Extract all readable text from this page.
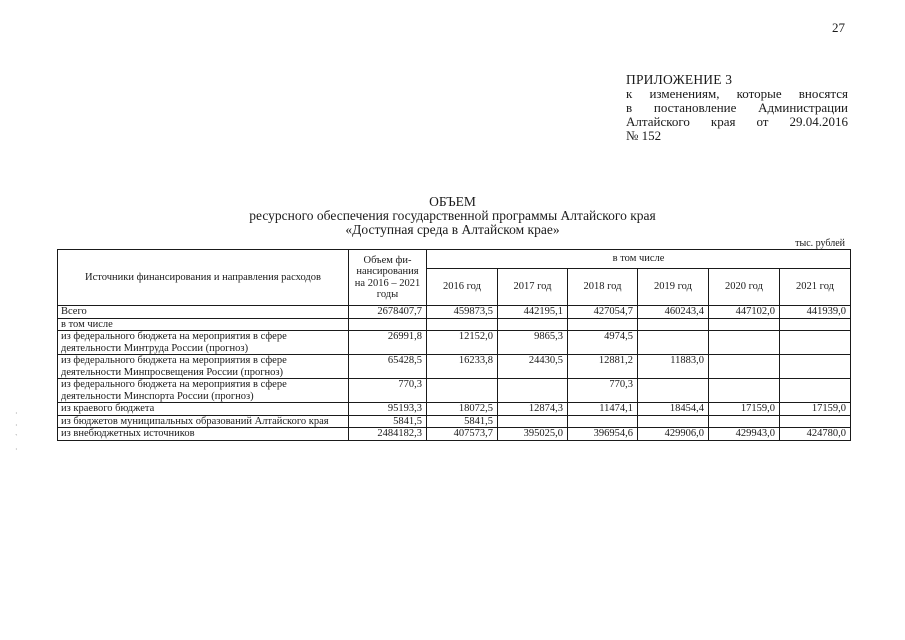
27
ПРИЛОЖЕНИЕ 3
к изменениям, которые вносятся
в постановление Администрации
Алтайского края от 29.04.2016
№ 152
ОБЪЕМ
ресурсного обеспечения государственной программы Алтайского края
«Доступная среда в Алтайском крае»
тыс. рублей
Источники финансирования и направления расходов	Объем фи-нансирования на 2016 – 2021 годы	в том числе					
		2016 год	2017 год	2018 год	2019 год	2020 год	2021 год
Всего	2678407,7	459873,5	442195,1	427054,7	460243,4	447102,0	441939,0
в том числе							
из федерального бюджета на мероприятия в сфере деятельности Минтруда России (прогноз)	26991,8	12152,0	9865,3	4974,5			
из федерального бюджета на мероприятия в сфере деятельности Минпросвещения России (прогноз)	65428,5	16233,8	24430,5	12881,2	11883,0		
из федерального бюджета на мероприятия в сфере деятельности Минспорта России (прогноз)	770,3			770,3			
из краевого бюджета	95193,3	18072,5	12874,3	11474,1	18454,4	17159,0	17159,0
из бюджетов муниципальных образований Алтайского края	5841,5	5841,5					
из внебюджетных источников	2484182,3	407573,7	395025,0	396954,6	429906,0	429943,0	424780,0
·
·
`
·
